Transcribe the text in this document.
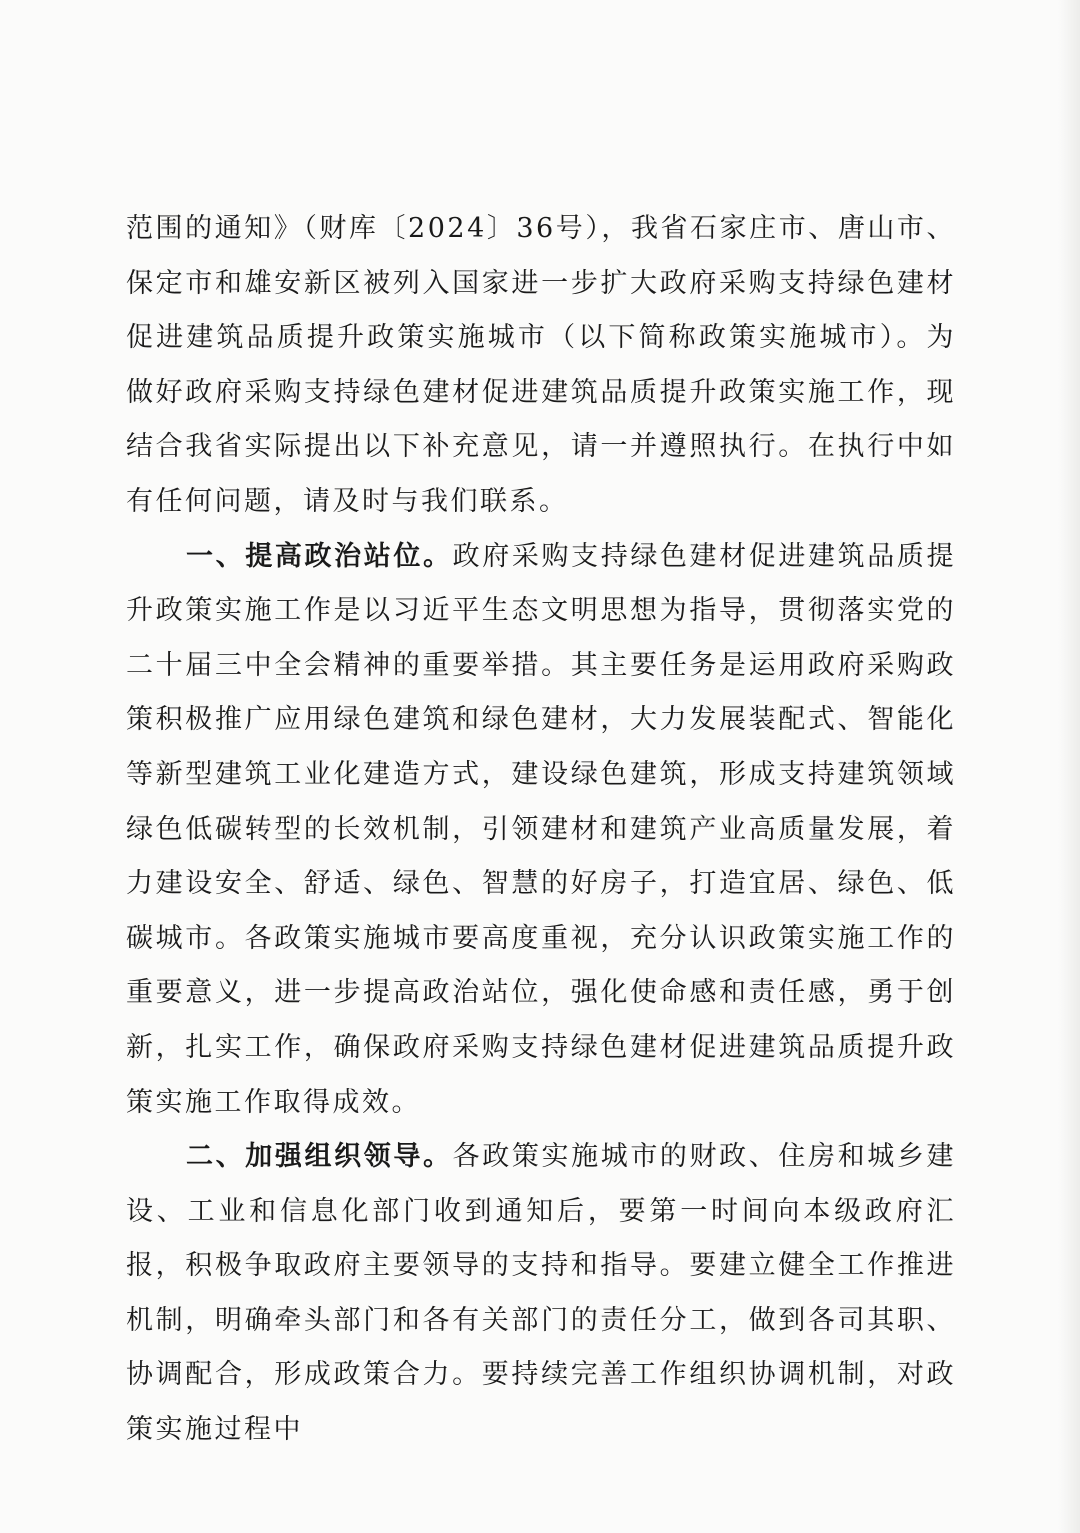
范围的通知》（财库〔2024〕36号），我省石家庄市、唐山市、保定市和雄安新区被列入国家进一步扩大政府采购支持绿色建材促进建筑品质提升政策实施城市（以下简称政策实施城市）。为做好政府采购支持绿色建材促进建筑品质提升政策实施工作，现结合我省实际提出以下补充意见，请一并遵照执行。在执行中如有任何问题，请及时与我们联系。

一、提高政治站位。政府采购支持绿色建材促进建筑品质提升政策实施工作是以习近平生态文明思想为指导，贯彻落实党的二十届三中全会精神的重要举措。其主要任务是运用政府采购政策积极推广应用绿色建筑和绿色建材，大力发展装配式、智能化等新型建筑工业化建造方式，建设绿色建筑，形成支持建筑领域绿色低碳转型的长效机制，引领建材和建筑产业高质量发展，着力建设安全、舒适、绿色、智慧的好房子，打造宜居、绿色、低碳城市。各政策实施城市要高度重视，充分认识政策实施工作的重要意义，进一步提高政治站位，强化使命感和责任感，勇于创新，扎实工作，确保政府采购支持绿色建材促进建筑品质提升政策实施工作取得成效。

二、加强组织领导。各政策实施城市的财政、住房和城乡建设、工业和信息化部门收到通知后，要第一时间向本级政府汇报，积极争取政府主要领导的支持和指导。要建立健全工作推进机制，明确牵头部门和各有关部门的责任分工，做到各司其职、协调配合，形成政策合力。要持续完善工作组织协调机制，对政策实施过程中
